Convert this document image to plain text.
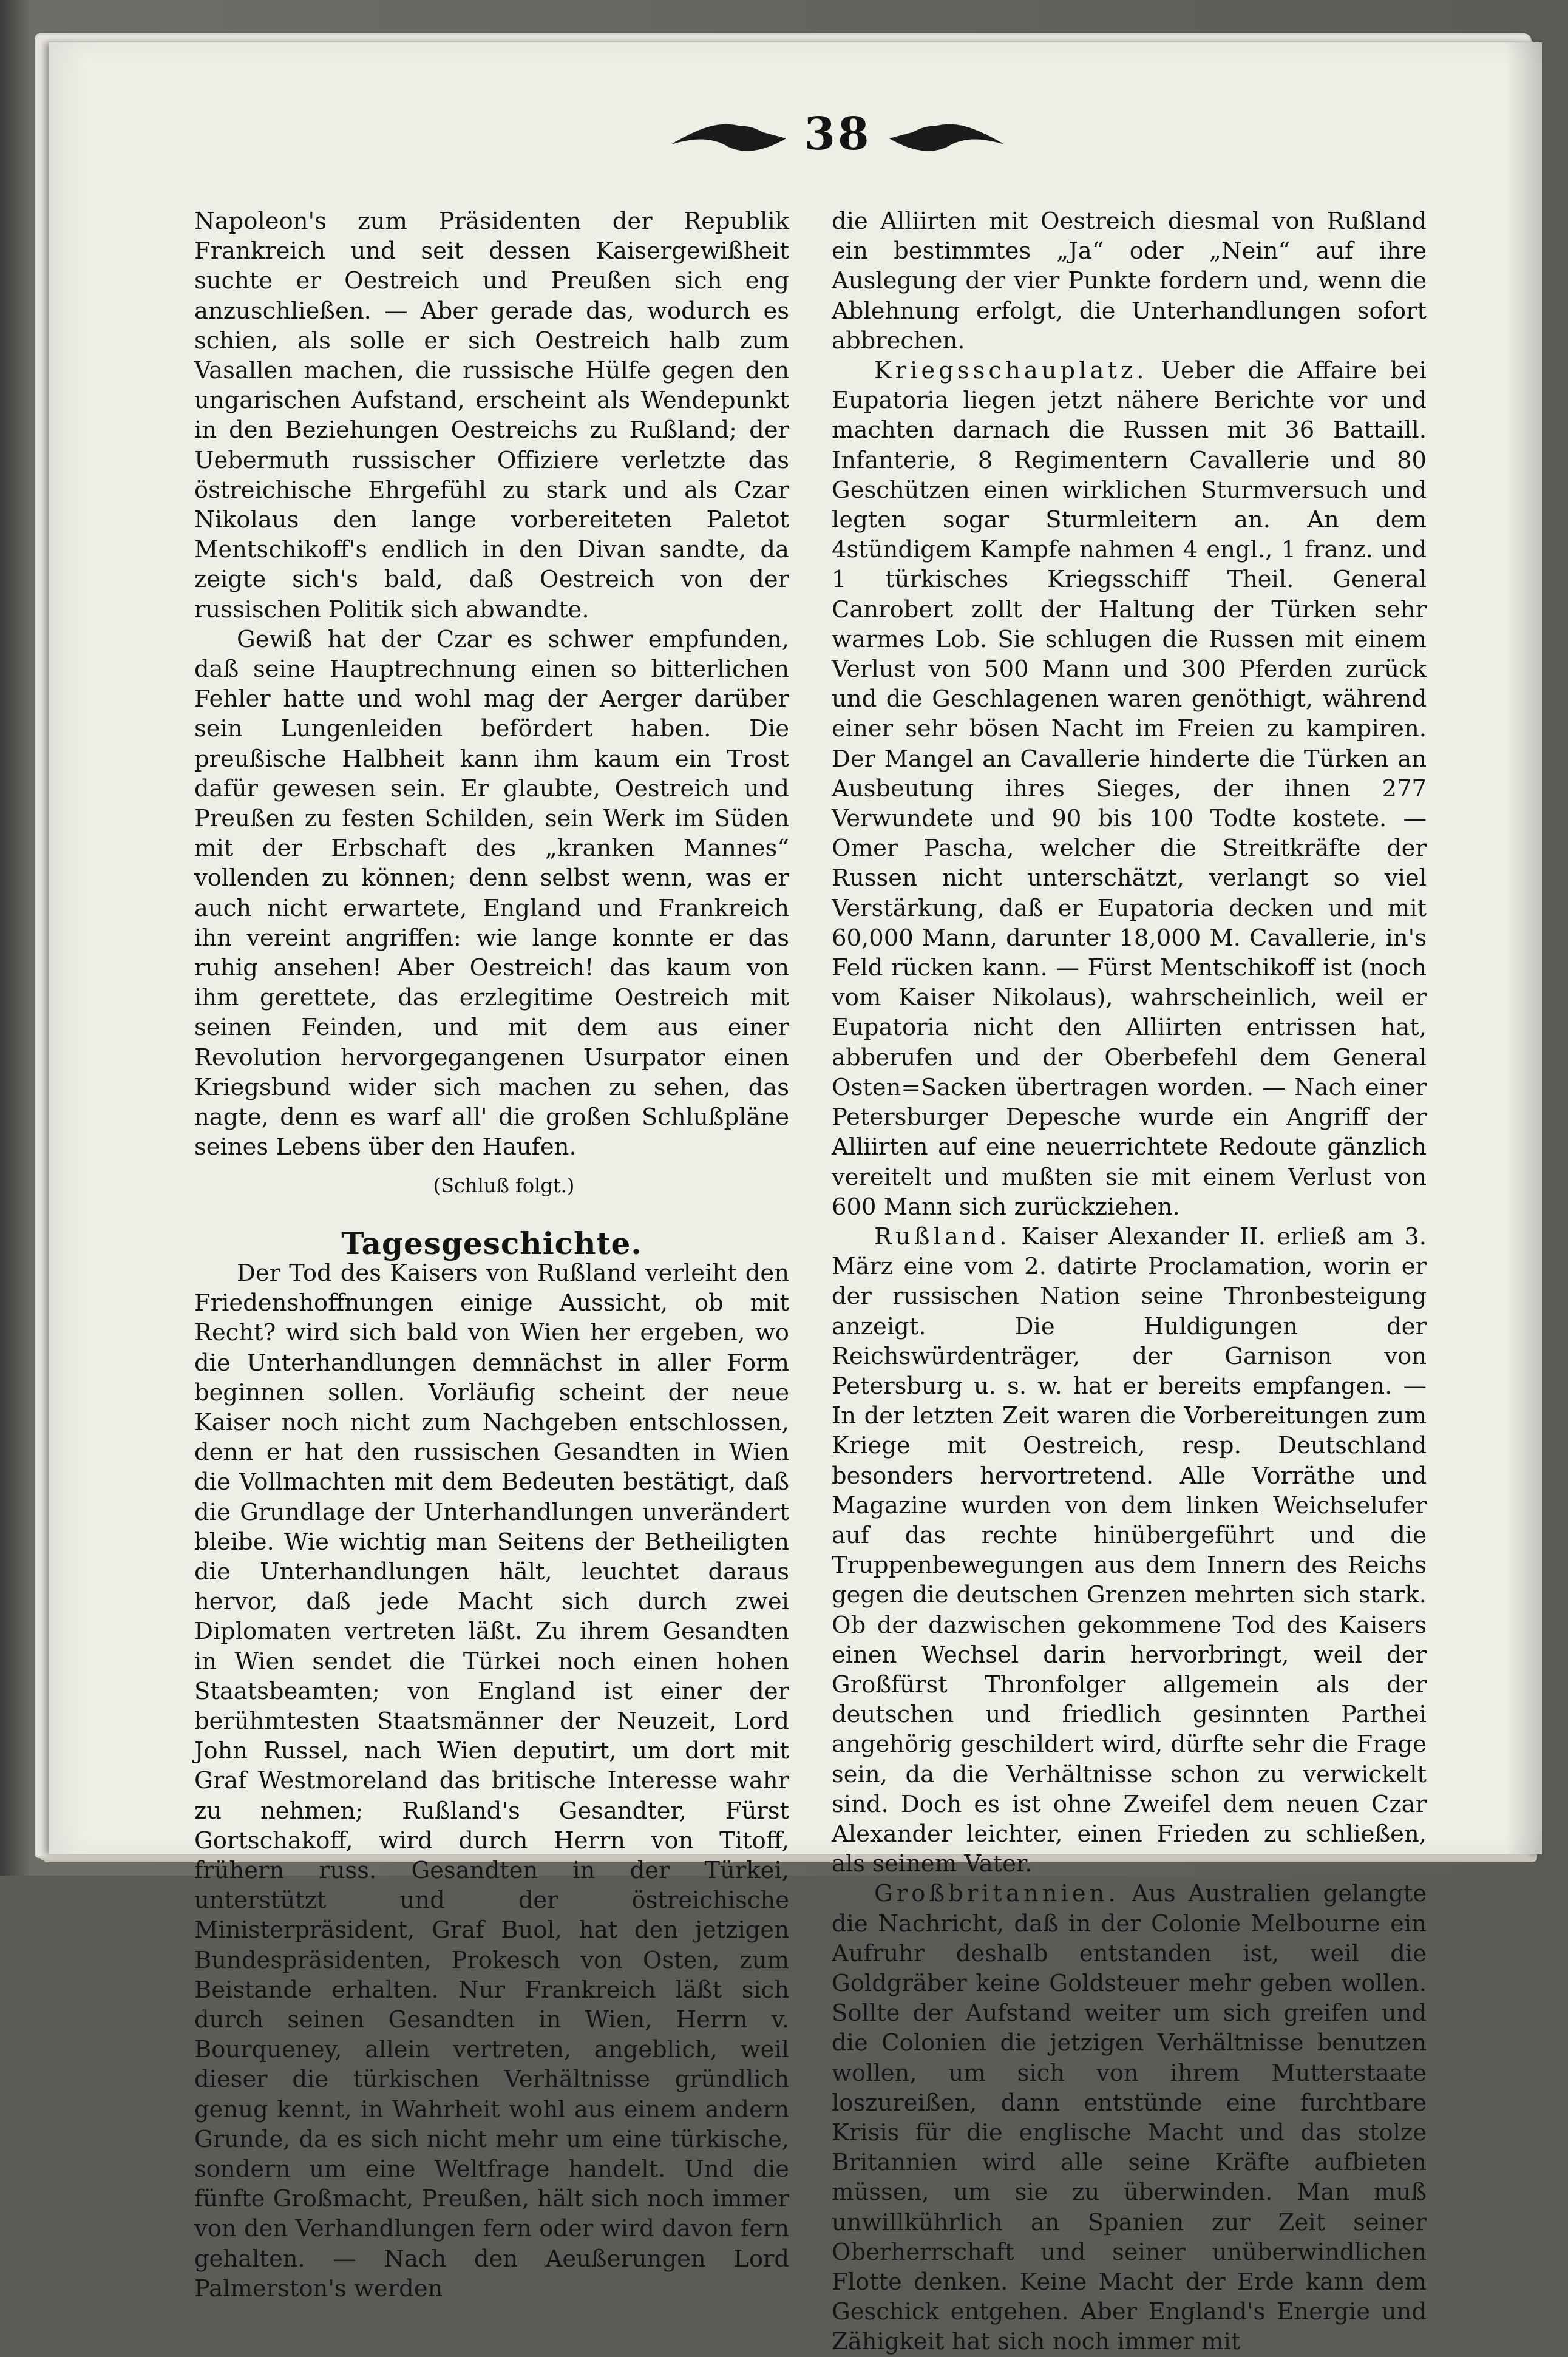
38

Napoleon's zum Präsidenten der Republik Frankreich und seit dessen Kaisergewißheit suchte er Oestreich und Preußen sich eng anzuschließen. — Aber gerade das, wodurch es schien, als solle er sich Oestreich halb zum Vasallen machen, die russische Hülfe gegen den ungarischen Aufstand, erscheint als Wendepunkt in den Beziehungen Oestreichs zu Rußland; der Uebermuth russischer Offiziere verletzte das östreichische Ehrgefühl zu stark und als Czar Nikolaus den lange vorbereiteten Paletot Mentschikoff's endlich in den Divan sandte, da zeigte sich's bald, daß Oestreich von der russischen Politik sich abwandte.

Gewiß hat der Czar es schwer empfunden, daß seine Hauptrechnung einen so bitterlichen Fehler hatte und wohl mag der Aerger darüber sein Lungenleiden befördert haben. Die preußische Halbheit kann ihm kaum ein Trost dafür gewesen sein. Er glaubte, Oestreich und Preußen zu festen Schilden, sein Werk im Süden mit der Erbschaft des „kranken Mannes“ vollenden zu können; denn selbst wenn, was er auch nicht erwartete, England und Frankreich ihn vereint angriffen: wie lange konnte er das ruhig ansehen! Aber Oestreich! das kaum von ihm gerettete, das erzlegitime Oestreich mit seinen Feinden, und mit dem aus einer Revolution hervorgegangenen Usurpator einen Kriegsbund wider sich machen zu sehen, das nagte, denn es warf all' die großen Schlußpläne seines Lebens über den Haufen.

(Schluß folgt.)

Tagesgeschichte.

Der Tod des Kaisers von Rußland verleiht den Friedenshoffnungen einige Aussicht, ob mit Recht? wird sich bald von Wien her ergeben, wo die Unterhandlungen demnächst in aller Form beginnen sollen. Vorläufig scheint der neue Kaiser noch nicht zum Nachgeben entschlossen, denn er hat den russischen Gesandten in Wien die Vollmachten mit dem Bedeuten bestätigt, daß die Grundlage der Unterhandlungen unverändert bleibe. Wie wichtig man Seitens der Betheiligten die Unterhandlungen hält, leuchtet daraus hervor, daß jede Macht sich durch zwei Diplomaten vertreten läßt. Zu ihrem Gesandten in Wien sendet die Türkei noch einen hohen Staatsbeamten; von England ist einer der berühmtesten Staatsmänner der Neuzeit, Lord John Russel, nach Wien deputirt, um dort mit Graf Westmoreland das britische Interesse wahr zu nehmen; Rußland's Gesandter, Fürst Gortschakoff, wird durch Herrn von Titoff, frühern russ. Gesandten in der Türkei, unterstützt und der östreichische Ministerpräsident, Graf Buol, hat den jetzigen Bundespräsidenten, Prokesch von Osten, zum Beistande erhalten. Nur Frankreich läßt sich durch seinen Gesandten in Wien, Herrn v. Bourqueney, allein vertreten, angeblich, weil dieser die türkischen Verhältnisse gründlich genug kennt, in Wahrheit wohl aus einem andern Grunde, da es sich nicht mehr um eine türkische, sondern um eine Weltfrage handelt. Und die fünfte Großmacht, Preußen, hält sich noch immer von den Verhandlungen fern oder wird davon fern gehalten. — Nach den Aeußerungen Lord Palmerston's werden

die Alliirten mit Oestreich diesmal von Rußland ein bestimmtes „Ja“ oder „Nein“ auf ihre Auslegung der vier Punkte fordern und, wenn die Ablehnung erfolgt, die Unterhandlungen sofort abbrechen.

Kriegsschauplatz. Ueber die Affaire bei Eupatoria liegen jetzt nähere Berichte vor und machten darnach die Russen mit 36 Battaill. Infanterie, 8 Regimentern Cavallerie und 80 Geschützen einen wirklichen Sturmversuch und legten sogar Sturmleitern an. An dem 4stündigem Kampfe nahmen 4 engl., 1 franz. und 1 türkisches Kriegsschiff Theil. General Canrobert zollt der Haltung der Türken sehr warmes Lob. Sie schlugen die Russen mit einem Verlust von 500 Mann und 300 Pferden zurück und die Geschlagenen waren genöthigt, während einer sehr bösen Nacht im Freien zu kampiren. Der Mangel an Cavallerie hinderte die Türken an Ausbeutung ihres Sieges, der ihnen 277 Verwundete und 90 bis 100 Todte kostete. — Omer Pascha, welcher die Streitkräfte der Russen nicht unterschätzt, verlangt so viel Verstärkung, daß er Eupatoria decken und mit 60,000 Mann, darunter 18,000 M. Cavallerie, in's Feld rücken kann. — Fürst Mentschikoff ist (noch vom Kaiser Nikolaus), wahrscheinlich, weil er Eupatoria nicht den Alliirten entrissen hat, abberufen und der Oberbefehl dem General Osten=Sacken übertragen worden. — Nach einer Petersburger Depesche wurde ein Angriff der Alliirten auf eine neuerrichtete Redoute gänzlich vereitelt und mußten sie mit einem Verlust von 600 Mann sich zurückziehen.

Rußland. Kaiser Alexander II. erließ am 3. März eine vom 2. datirte Proclamation, worin er der russischen Nation seine Thronbesteigung anzeigt. Die Huldigungen der Reichswürdenträger, der Garnison von Petersburg u. s. w. hat er bereits empfangen. — In der letzten Zeit waren die Vorbereitungen zum Kriege mit Oestreich, resp. Deutschland besonders hervortretend. Alle Vorräthe und Magazine wurden von dem linken Weichselufer auf das rechte hinübergeführt und die Truppenbewegungen aus dem Innern des Reichs gegen die deutschen Grenzen mehrten sich stark. Ob der dazwischen gekommene Tod des Kaisers einen Wechsel darin hervorbringt, weil der Großfürst Thronfolger allgemein als der deutschen und friedlich gesinnten Parthei angehörig geschildert wird, dürfte sehr die Frage sein, da die Verhältnisse schon zu verwickelt sind. Doch es ist ohne Zweifel dem neuen Czar Alexander leichter, einen Frieden zu schließen, als seinem Vater.

Großbritannien. Aus Australien gelangte die Nachricht, daß in der Colonie Melbourne ein Aufruhr deshalb entstanden ist, weil die Goldgräber keine Goldsteuer mehr geben wollen. Sollte der Aufstand weiter um sich greifen und die Colonien die jetzigen Verhältnisse benutzen wollen, um sich von ihrem Mutterstaate loszureißen, dann entstünde eine furchtbare Krisis für die englische Macht und das stolze Britannien wird alle seine Kräfte aufbieten müssen, um sie zu überwinden. Man muß unwillkührlich an Spanien zur Zeit seiner Oberherrschaft und seiner unüberwindlichen Flotte denken. Keine Macht der Erde kann dem Geschick entgehen. Aber England's Energie und Zähigkeit hat sich noch immer mit
